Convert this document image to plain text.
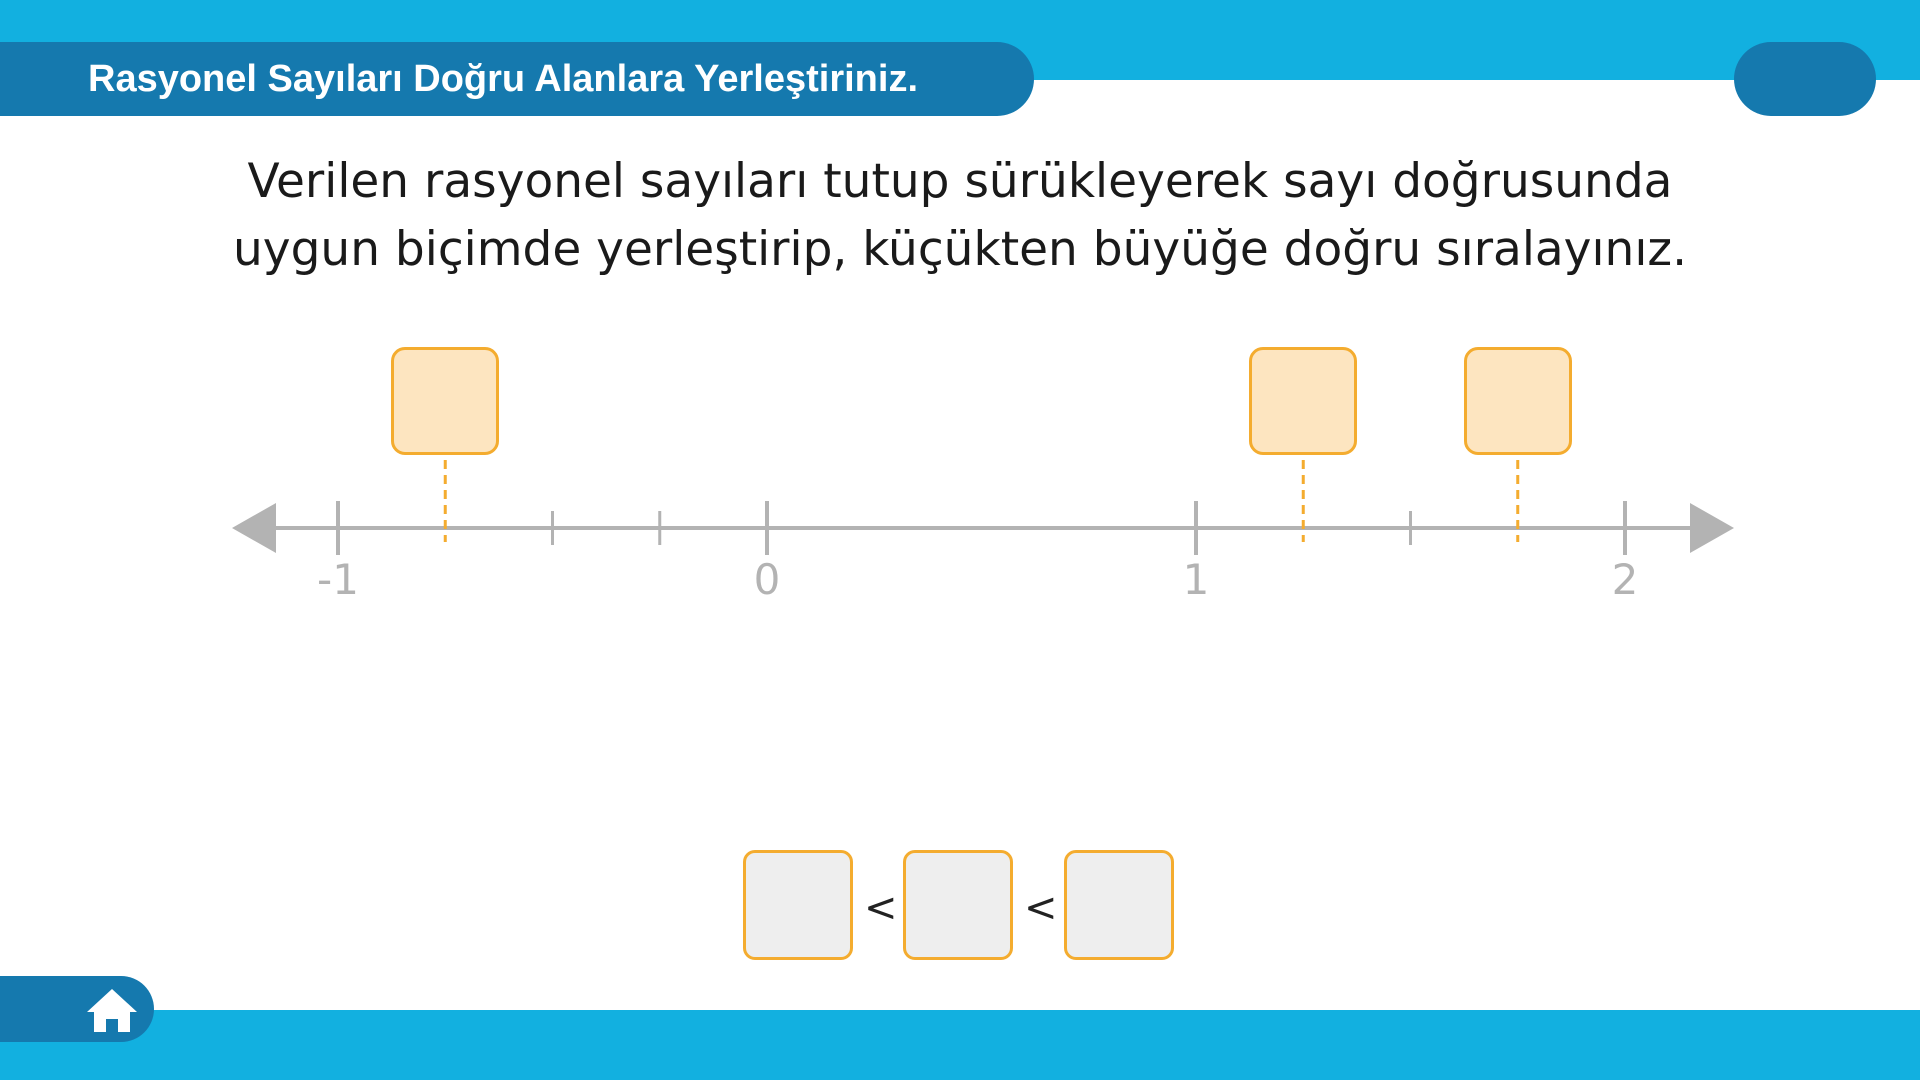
Rasyonel Sayıları Doğru Alanlara Yerleştiriniz.
Verilen rasyonel sayıları tutup sürükleyerek sayı doğrusunda
uygun biçimde yerleştirip, küçükten büyüğe doğru sıralayınız.
-1	0	1	2
<	<
